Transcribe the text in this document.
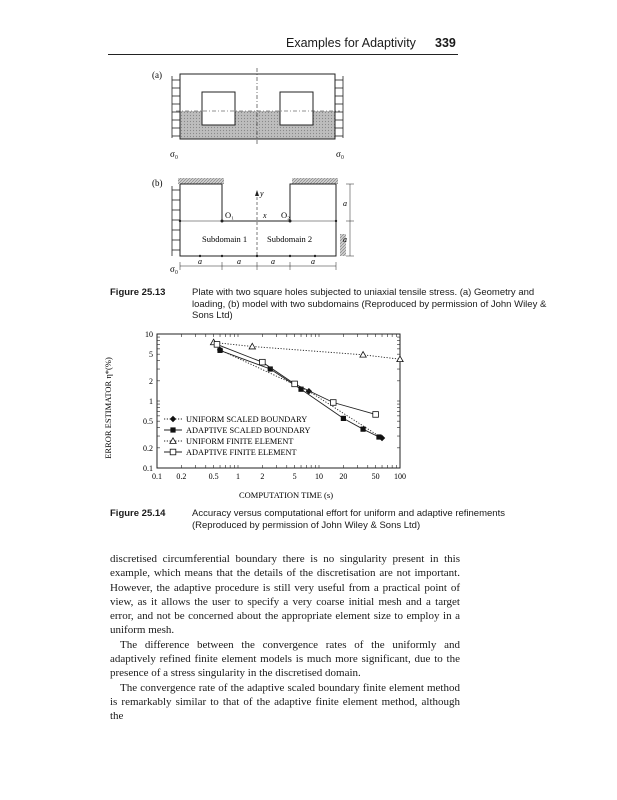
Examples for Adaptivity 339
(a)
σ₀	σ₀
(b)
O₁	O₂
x
y
Subdomain 1 Subdomain 2
a	a	a	a
a
a
σ₀
Figure 25.13	Plate with two square holes subjected to uniaxial tensile stress. (a) Geometry and loading, (b) model with two subdomains (Reproduced by permission of John Wiley & Sons Ltd)
0.1 0.2	0.5 1	2	5 10 20	50 100
10
5
2
1
0.5
0.2
0.1
UNIFORM SCALED BOUNDARY
ADAPTIVE SCALED BOUNDARY
UNIFORM FINITE ELEMENT
ADAPTIVE FINITE ELEMENT
COMPUTATION TIME (s)
ERROR ESTIMATOR η*(%)
Figure 25.14	Accuracy versus computational effort for uniform and adaptive refinements (Reproduced by permission of John Wiley & Sons Ltd)

discretised circumferential boundary there is no singularity present in this example, which means that the details of the discretisation are not important. However, the adaptive procedure is still very useful from a practical point of view, as it allows the user to specify a very coarse initial mesh and a target error, and not be concerned about the appropriate element size to employ in a uniform mesh.

The difference between the convergence rates of the uniformly and adaptively refined finite element models is much more significant, due to the presence of a stress singularity in the discretised domain.

The convergence rate of the adaptive scaled boundary finite element method is remarkably similar to that of the adaptive finite element method, although the
